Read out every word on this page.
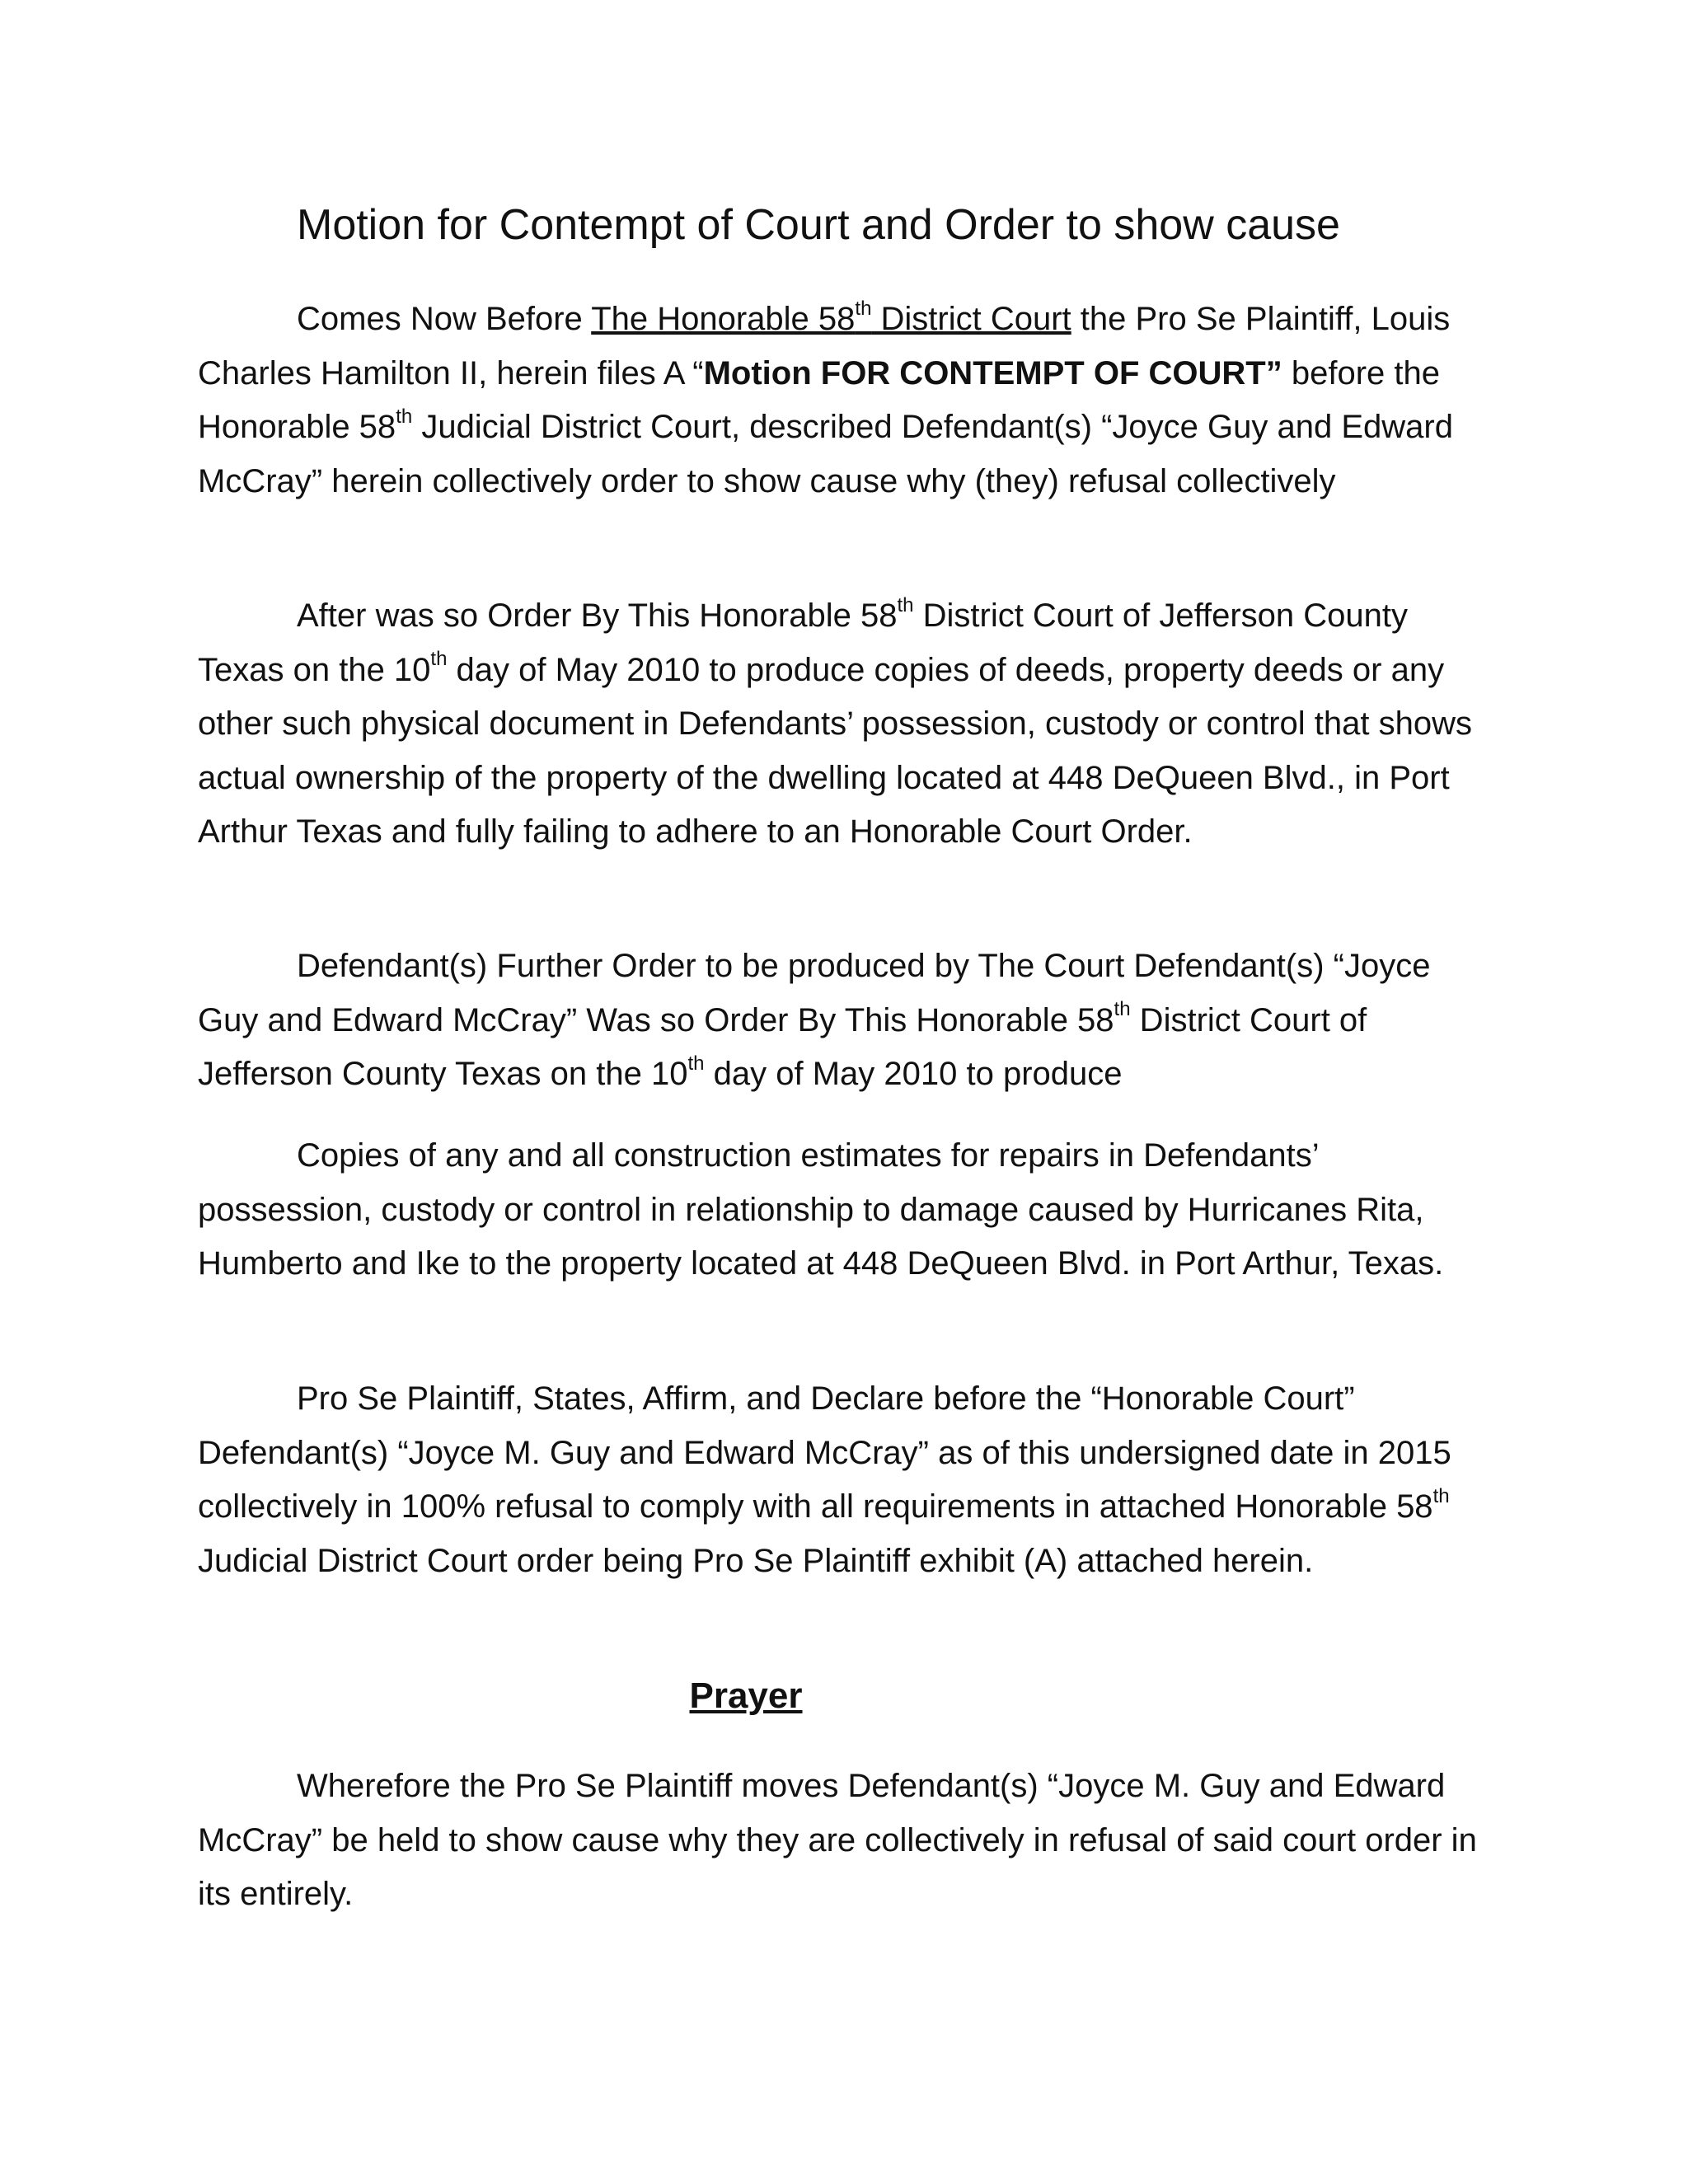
Motion for Contempt of Court and Order to show cause

Comes Now Before The Honorable 58th District Court the Pro Se Plaintiff, Louis Charles Hamilton II, herein files A “Motion FOR CONTEMPT OF COURT” before the Honorable 58th Judicial District Court, described Defendant(s) “Joyce Guy and Edward McCray” herein collectively order to show cause why (they) refusal collectively

After was so Order By This Honorable 58th District Court of Jefferson County Texas on the 10th day of May 2010 to produce copies of deeds, property deeds or any other such physical document in Defendants’ possession, custody or control that shows actual ownership of the property of the dwelling located at 448 DeQueen Blvd., in Port Arthur Texas and fully failing to adhere to an Honorable Court Order.

Defendant(s) Further Order to be produced by The Court Defendant(s) “Joyce Guy and Edward McCray” Was so Order By This Honorable 58th District Court of Jefferson County Texas on the 10th day of May 2010 to produce

Copies of any and all construction estimates for repairs in Defendants’ possession, custody or control in relationship to damage caused by Hurricanes Rita, Humberto and Ike to the property located at 448 DeQueen Blvd. in Port Arthur, Texas.

Pro Se Plaintiff, States, Affirm, and Declare before the “Honorable Court” Defendant(s) “Joyce M. Guy and Edward McCray” as of this undersigned date in 2015 collectively in 100% refusal to comply with all requirements in attached Honorable 58th Judicial District Court order being Pro Se Plaintiff exhibit (A) attached herein.

Prayer

Wherefore the Pro Se Plaintiff moves Defendant(s) “Joyce M. Guy and Edward McCray” be held to show cause why they are collectively in refusal of said court order in its entirely.
